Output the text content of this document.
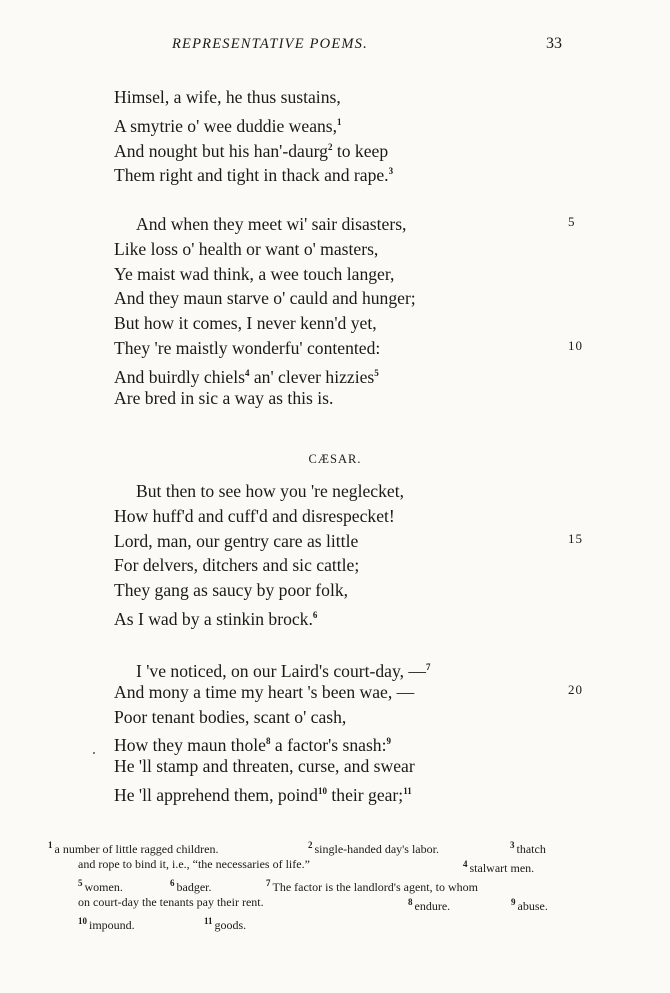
REPRESENTATIVE POEMS.	33
Himsel, a wife, he thus sustains,
A smytrie o' wee duddie weans,$^1$
And nought but his han'-daurg$^2$ to keep
Them right and tight in thack and rape.$^3$
And when they meet wi' sair disasters,	5
Like loss o' health or want o' masters,
Ye maist wad think, a wee touch langer,
And they maun starve o' cauld and hunger;
But how it comes, I never kenn'd yet,
They 're maistly wonderfu' contented:	10
And buirdly chiels$^4$ an' clever hizzies$^5$
Are bred in sic a way as this is.
But then to see how you 're neglecket,
How huff'd and cuff'd and disrespecket!
Lord, man, our gentry care as little	15
For delvers, ditchers and sic cattle;
They gang as saucy by poor folk,
As I wad by a stinkin brock.$^6$
I 've noticed, on our Laird's court-day, —$^7$
And mony a time my heart 's been wae, —	20
Poor tenant bodies, scant o' cash,
How they maun thole$^8$ a factor's snash:$^9$
He 'll stamp and threaten, curse, and swear
He 'll apprehend them, poind$^{10}$ their gear;$^{11}$
CÆSAR.
$^1$ a number of little ragged children.	$^2$ single-handed day's labor.	$^3$ thatch
and rope to bind it, i.e., “the necessaries of life.”	$^4$ stalwart men.
$^5$ women.	$^6$ badger.	$^7$ The factor is the landlord's agent, to whom
on court-day the tenants pay their rent.	$^8$ endure.	$^9$ abuse.
$^{10}$ impound.	$^{11}$ goods.
